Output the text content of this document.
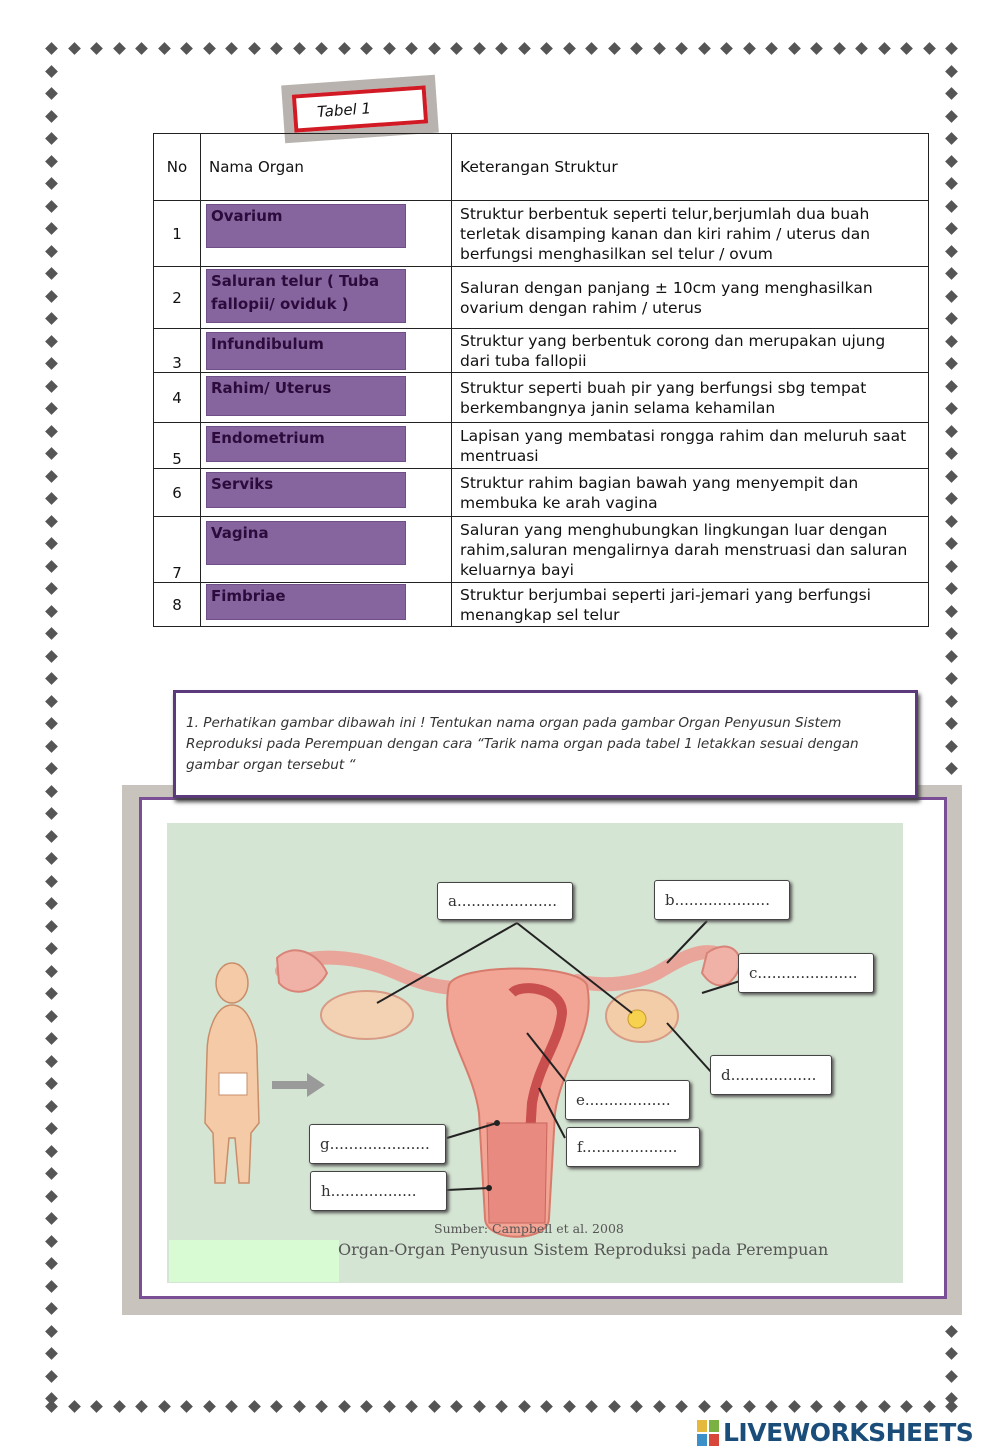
Tabel 1
No	Nama Organ	Keterangan Struktur
1	Ovarium	Struktur berbentuk seperti telur,berjumlah dua buah terletak disamping kanan dan kiri rahim / uterus dan berfungsi menghasilkan sel telur / ovum
2	Saluran telur ( Tuba fallopii/ oviduk )	Saluran dengan panjang ± 10cm yang menghasilkan ovarium dengan rahim / uterus
3	Infundibulum	Struktur yang berbentuk corong dan merupakan ujung dari tuba fallopii
4	Rahim/ Uterus	Struktur seperti buah pir yang berfungsi sbg tempat berkembangnya janin selama kehamilan
5	Endometrium	Lapisan yang membatasi rongga rahim dan meluruh saat mentruasi
6	Serviks	Struktur rahim bagian bawah yang menyempit dan membuka ke arah vagina
7	Vagina	Saluran yang menghubungkan lingkungan luar dengan rahim,saluran mengalirnya darah menstruasi dan saluran keluarnya bayi
8	Fimbriae	Struktur berjumbai seperti jari-jemari yang berfungsi menangkap sel telur
1. Perhatikan gambar dibawah ini ! Tentukan nama organ pada gambar Organ Penyusun Sistem Reproduksi pada Perempuan dengan cara “Tarik nama organ pada tabel 1 letakkan sesuai dengan gambar organ tersebut “
a.....................	b....................
c.....................
d..................
e..................
f....................
g.....................
h..................
Sumber: Campbell et al. 2008
Organ-Organ Penyusun Sistem Reproduksi pada Perempuan
LIVEWORKSHEETS
